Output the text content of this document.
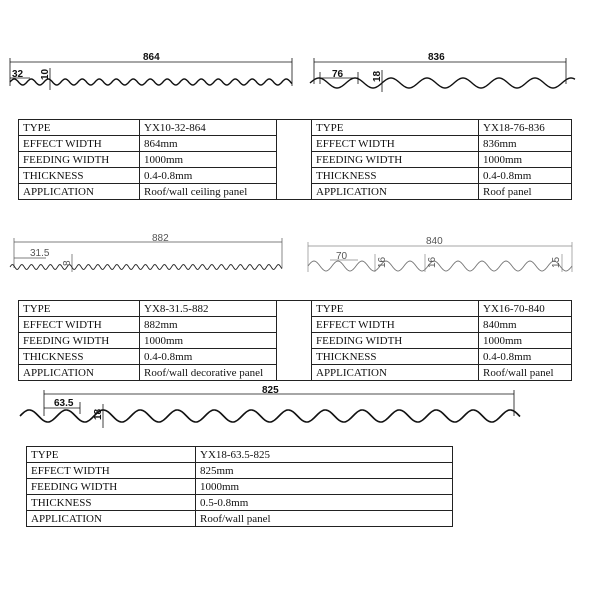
864
32 10
836
76	18
TYPE	YX10-32-864		TYPE	YX18-76-836
EFFECT WIDTH	864mm		EFFECT WIDTH	836mm
FEEDING WIDTH	1000mm		FEEDING WIDTH	1000mm
THICKNESS	0.4-0.8mm		THICKNESS	0.4-0.8mm
APPLICATION	Roof/wall ceiling panel		APPLICATION	Roof panel
882
31.5
8
840
70
16	16	15
TYPE	YX8-31.5-882		TYPE	YX16-70-840
EFFECT WIDTH	882mm		EFFECT WIDTH	840mm
FEEDING WIDTH	1000mm		FEEDING WIDTH	1000mm
THICKNESS	0.4-0.8mm		THICKNESS	0.4-0.8mm
APPLICATION	Roof/wall decorative panel		APPLICATION	Roof/wall panel
825
63.5
18
TYPE	YX18-63.5-825
EFFECT WIDTH	825mm
FEEDING WIDTH	1000mm
THICKNESS	0.5-0.8mm
APPLICATION	Roof/wall panel
